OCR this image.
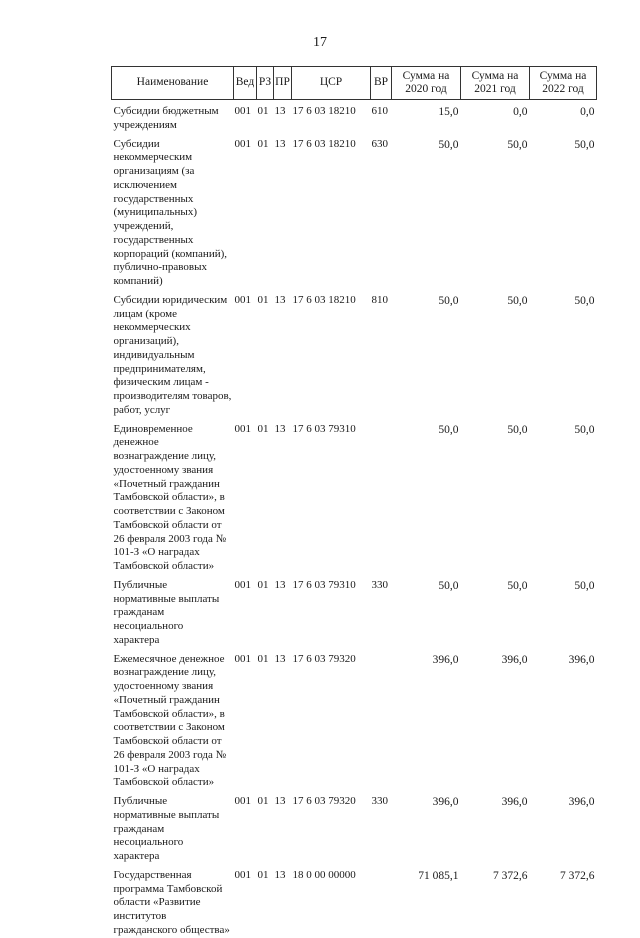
17
Наименование	Вед	РЗ	ПР	ЦСР	ВР	Сумма на 2020 год	Сумма на 2021 год	Сумма на 2022 год
Субсидии бюджетным учреждениям	001	01	13	17 6 03 18210	610	15,0	0,0	0,0
Субсидии некоммерческим организациям (за исключением государственных (муниципальных) учреждений, государственных корпораций (компаний), публично-правовых компаний)	001	01	13	17 6 03 18210	630	50,0	50,0	50,0
Субсидии юридическим лицам (кроме некоммерческих организаций), индивидуальным предпринимателям, физическим лицам - производителям товаров, работ, услуг	001	01	13	17 6 03 18210	810	50,0	50,0	50,0
Единовременное денежное вознаграждение лицу, удостоенному звания «Почетный гражданин Тамбовской области», в соответствии с Законом Тамбовской области от 26 февраля 2003 года № 101-З «О наградах Тамбовской области»	001	01	13	17 6 03 79310		50,0	50,0	50,0
Публичные нормативные выплаты гражданам несоциального характера	001	01	13	17 6 03 79310	330	50,0	50,0	50,0
Ежемесячное денежное вознаграждение лицу, удостоенному звания «Почетный гражданин Тамбовской области», в соответствии с Законом Тамбовской области от 26 февраля 2003 года № 101-З «О наградах Тамбовской области»	001	01	13	17 6 03 79320		396,0	396,0	396,0
Публичные нормативные выплаты гражданам несоциального характера	001	01	13	17 6 03 79320	330	396,0	396,0	396,0
Государственная программа Тамбовской области «Развитие институтов гражданского общества»	001	01	13	18 0 00 00000		71 085,1	7 372,6	7 372,6
